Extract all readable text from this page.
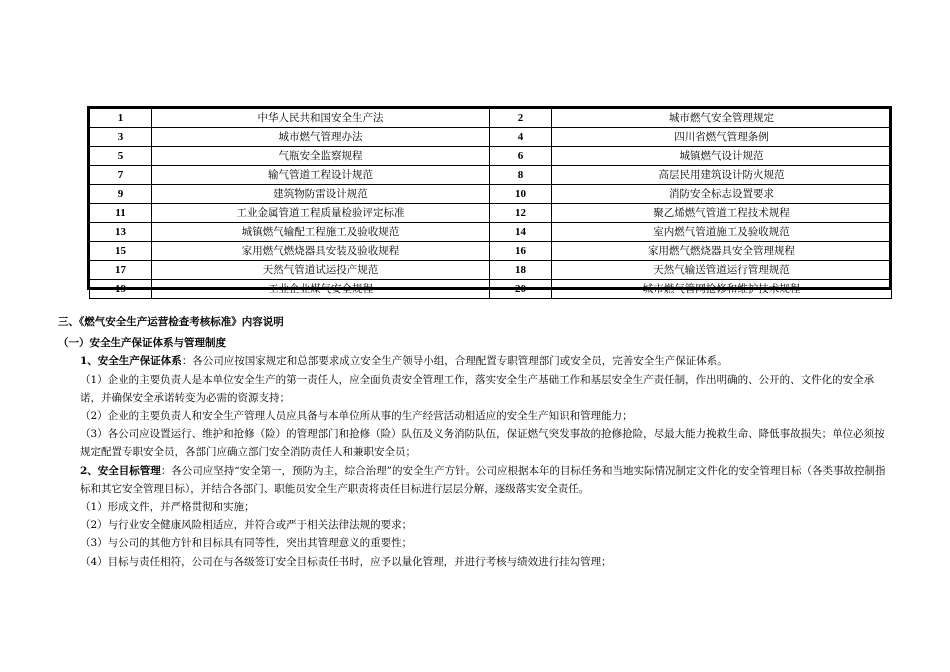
1	中华人民共和国安全生产法	2	城市燃气安全管理规定
3	城市燃气管理办法	4	四川省燃气管理条例
5	气瓶安全监察规程	6	城镇燃气设计规范
7	输气管道工程设计规范	8	高层民用建筑设计防火规范
9	建筑物防雷设计规范	10	消防安全标志设置要求
11	工业金属管道工程质量检验评定标准	12	聚乙烯燃气管道工程技术规程
13	城镇燃气输配工程施工及验收规范	14	室内燃气管道施工及验收规范
15	家用燃气燃烧器具安装及验收规程	16	家用燃气燃烧器具安全管理规程
17	天然气管道试运投产规范	18	天然气输送管道运行管理规范
19	工业企业煤气安全规程	20	城市燃气管网抢修和维护技术规程
三、《燃气安全生产运营检查考核标准》内容说明
（一）安全生产保证体系与管理制度
1、安全生产保证体系：各公司应按国家规定和总部要求成立安全生产领导小组，合理配置专职管理部门或安全员，完善安全生产保证体系。
（1）企业的主要负责人是本单位安全生产的第一责任人，应全面负责安全管理工作，落实安全生产基础工作和基层安全生产责任制，作出明确的、公开的、文件化的安全承诺，并确保安全承诺转变为必需的资源支持；
（2）企业的主要负责人和安全生产管理人员应具备与本单位所从事的生产经营活动相适应的安全生产知识和管理能力；
（3）各公司应设置运行、维护和抢修（险）的管理部门和抢修（险）队伍及义务消防队伍，保证燃气突发事故的抢修抢险，尽最大能力挽救生命、降低事故损失；单位必须按规定配置专职安全员，各部门应确立部门安全消防责任人和兼职安全员；
2、安全目标管理：各公司应坚持“安全第一，预防为主，综合治理”的安全生产方针。公司应根据本年的目标任务和当地实际情况制定文件化的安全管理目标（各类事故控制指标和其它安全管理目标），并结合各部门、职能员安全生产职责将责任目标进行层层分解，逐级落实安全责任。
（1）形成文件，并严格贯彻和实施；
（2）与行业安全健康风险相适应，并符合或严于相关法律法规的要求；
（3）与公司的其他方针和目标具有同等性，突出其管理意义的重要性；
（4）目标与责任相符，公司在与各级签订安全目标责任书时，应予以量化管理，并进行考核与绩效进行挂勾管理；
